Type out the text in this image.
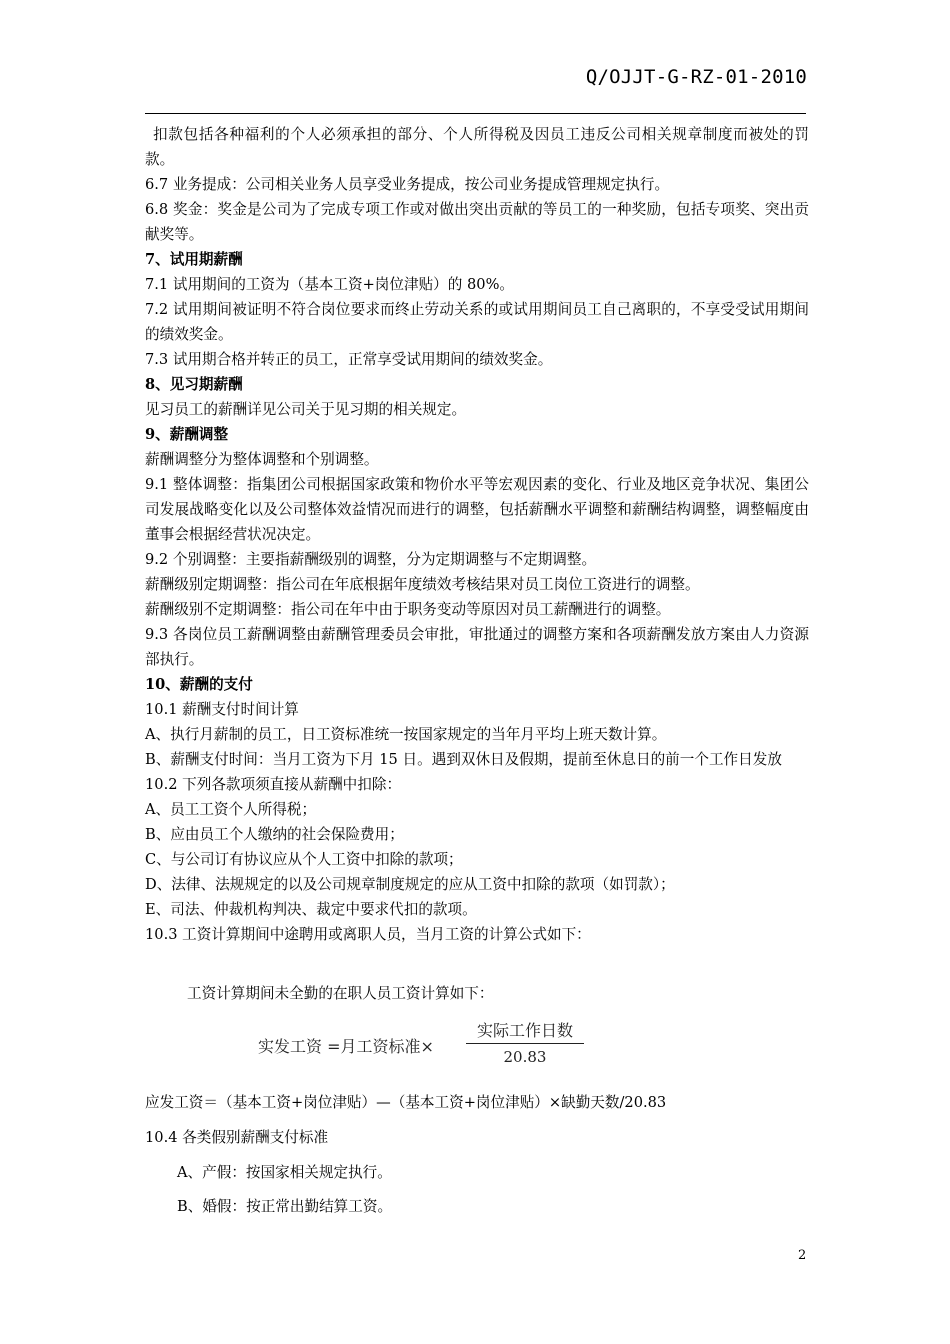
Q/OJJT-G-RZ-01-2010

扣款包括各种福利的个人必须承担的部分、个人所得税及因员工违反公司相关规章制度而被处的罚款。

6.7 业务提成：公司相关业务人员享受业务提成，按公司业务提成管理规定执行。

6.8 奖金：奖金是公司为了完成专项工作或对做出突出贡献的等员工的一种奖励，包括专项奖、突出贡献奖等。

7、试用期薪酬

7.1 试用期间的工资为（基本工资+岗位津贴）的 80%。

7.2 试用期间被证明不符合岗位要求而终止劳动关系的或试用期间员工自己离职的，不享受受试用期间的绩效奖金。

7.3 试用期合格并转正的员工，正常享受试用期间的绩效奖金。

8、见习期薪酬

见习员工的薪酬详见公司关于见习期的相关规定。

9、薪酬调整

薪酬调整分为整体调整和个别调整。

9.1 整体调整：指集团公司根据国家政策和物价水平等宏观因素的变化、行业及地区竞争状况、集团公司发展战略变化以及公司整体效益情况而进行的调整，包括薪酬水平调整和薪酬结构调整，调整幅度由董事会根据经营状况决定。

9.2 个别调整：主要指薪酬级别的调整，分为定期调整与不定期调整。

薪酬级别定期调整：指公司在年底根据年度绩效考核结果对员工岗位工资进行的调整。

薪酬级别不定期调整：指公司在年中由于职务变动等原因对员工薪酬进行的调整。

9.3 各岗位员工薪酬调整由薪酬管理委员会审批，审批通过的调整方案和各项薪酬发放方案由人力资源部执行。

10、薪酬的支付

10.1 薪酬支付时间计算

A、执行月薪制的员工，日工资标准统一按国家规定的当年月平均上班天数计算。

B、薪酬支付时间：当月工资为下月 15 日。遇到双休日及假期，提前至休息日的前一个工作日发放

10.2 下列各款项须直接从薪酬中扣除：

A、员工工资个人所得税；

B、应由员工个人缴纳的社会保险费用；

C、与公司订有协议应从个人工资中扣除的款项；

D、法律、法规规定的以及公司规章制度规定的应从工资中扣除的款项（如罚款）；

E、司法、仲裁机构判决、裁定中要求代扣的款项。

10.3 工资计算期间中途聘用或离职人员，当月工资的计算公式如下：

工资计算期间未全勤的在职人员工资计算如下：
实发工资 =月工资标准×
实际工作日数
20.83
应发工资＝（基本工资+岗位津贴）—（基本工资+岗位津贴）×缺勤天数/20.83
10.4 各类假别薪酬支付标准
A、产假：按国家相关规定执行。
B、婚假：按正常出勤结算工资。
2
